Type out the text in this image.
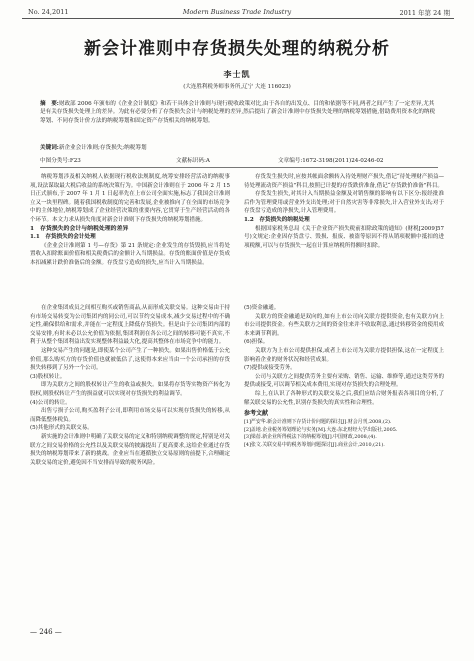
No. 24,2011	Modern Business Trade Industry	2011 年第 24 期
新会计准则中存货损失处理的纳税分析
李士凯
(大连胜利税务师事务所,辽宁 大连 116023)
摘　要:财政部 2006 年颁布的《企业会计制度》和若干具体会计准则与现行税收政策对比,由于各自的出发点、目的和依据等不同,两者之间产生了一定差异,尤其是有关存货损失处理上的差异。为此有必要分析了存货损失会计与纳税处理的差异,然后提出了新会计准则中存货损失处理的纳税筹划措施,借助费用资本化的纳税筹划、不同存货计价方法的纳税筹划和固定资产存货相关的纳税筹划。
关键词:新企业会计准则;存货损失;纳税筹划
中图分类号:F23	文献标识码:A	文章编号:1672-3198(2011)24-0246-02

纳税筹划涉及相关纳税人依据现行税收法规制度,统筹安排经营活动的纳税事项,设法谋取最大税后收益的系统决策行为。中国新会计准则在于 2006 年 2 月 15 日正式颁布,于 2007 年 1 月 1 日起率先在上市公司全面实施,标志了我国会计准则立又一块里程碑。随着我国税收制度的完善和发展,企业被推向了在全面的市场竞争中的主体地位,纳税筹划成了企业经营决策的重要内容,它贯穿于生产经营活动的各个环节。本文力求从损失角度对新会计准则下存货损失的纳税筹划措施。

1　存货损失的会计与纳税处理的差异

1.1　存货损失的会计处理

《企业会计准则第 1 号—存货》第 21 条规定:企业发生的存货毁损,应当将处置收入扣除账面价值和相关税费后的金额计入当期损益。存货的账面价值是存货成本扣减累计跌价准备后的金额。存货盘亏造成的损失,应当计入当期损益。

存货发生损失时,应按其帐面余额转入待处理财产损失,借记“待处理财产损益—待处理流动资产损益”科目,按照已计提的存货跌价准备,借记“存货跌价准备”科目。

存货发生损失,对其计入当期损益金额及对销售额的影响有以下区分:报经批准后作为管理费用或营业外支出处理;对于自然灾害等非常损失,计入营业外支出;对于存货盘亏造成的净损失,计入管理费用。

1.2　存货损失的纳税处理

根据国家税务总局《关于企业资产损失税前扣除政策的通知》(财税[2009]57 号)文规定:企业因存货盘亏、毁损、报废、被盗等原因不得从销项税额中抵扣的进项税额,可以与存货损失一起在计算应纳税所得额时扣除。

在企业集团成员之间相互购买或销售商品,从而形成关联交易。这种交易由于持有市场交易转变为公司集团内的同公司,可以节约交易成本,减少交易过程中的不确定性,确保供给和需求,并能在一定程度上降低存货损失。但是由于公司集团内部的交易安排,有时未必以公允价值为依据,集团利润在各公司之间的转移可能不真实,不利于从整个集团利益出发实现整体利益最大化,提高其整体在市场竞争中的能力。

这种交易产生的问题是,即使某个公司产生了一种损失。如果出售价格低于公允价值,那么购买方的存货价值也就被低估了,这使得本来应当由一个公司承担的存货损失转移到了另外一个公司。

(3)股权转让。

即为关联方之间的股权转让产生的收益或损失。如果将存货等实物资产转化为股权,则股权转让产生的损益就可以实现对存货损失的利益调节。

(4)公司的转让。

出售亏损子公司,购买盈利子公司,即利用市场交易可以实现存货损失的转移,从而降低整体税负。

(5)其他形式的关联交易。

新实施的会计准则中明确了关联交易的定义和特别纳税调整的规定,特别是对关联方之间交易价格的公允性以及关联交易的披露提出了更高要求,这给企业通过存货损失的纳税筹划带来了新的挑战。企业应当在遵循独立交易原则的前提下,合理确定关联交易的定价,避免因不当安排而导致的税务风险。

(5)资金融通。

关联方的资金融通是双向的,如有上市公司向关联方提供资金,也有关联方向上市公司提供资金。有些关联方之间的资金往来并不收取利息,通过转移资金的使用成本来调节利润。

(6)担保。

关联方为上市公司提供担保,或者上市公司为关联方提供担保,这在一定程度上影响着企业的财务状况和经营成果。

(7)提供或接受劳务。

公司与关联方之间提供劳务主要有采购、销售、运输、维修等,通过这类劳务的提供或接受,可以调节相关成本费用,实现对存货损失的合理处理。

综上,在认识了各种形式的关联交易之后,我们应结合财务报表各项目的分析,了解关联交易的公允性,识别存货损失的真实性和合理性。

参考文献

[1]严安华.新会计准则下存货计价问题的探讨[J].财会月刊,2008,(2).

[2]盖地.企业税务筹划理论与实务[M].大连:东北财经大学出版社,2005.

[3]梁蓓.新企业所得税法下的纳税筹划[J].中国财政,2008,(4).

[4]张文.关联交易中的税务筹划问题探讨[J].商业会计,2010,(21).

— 246 —
